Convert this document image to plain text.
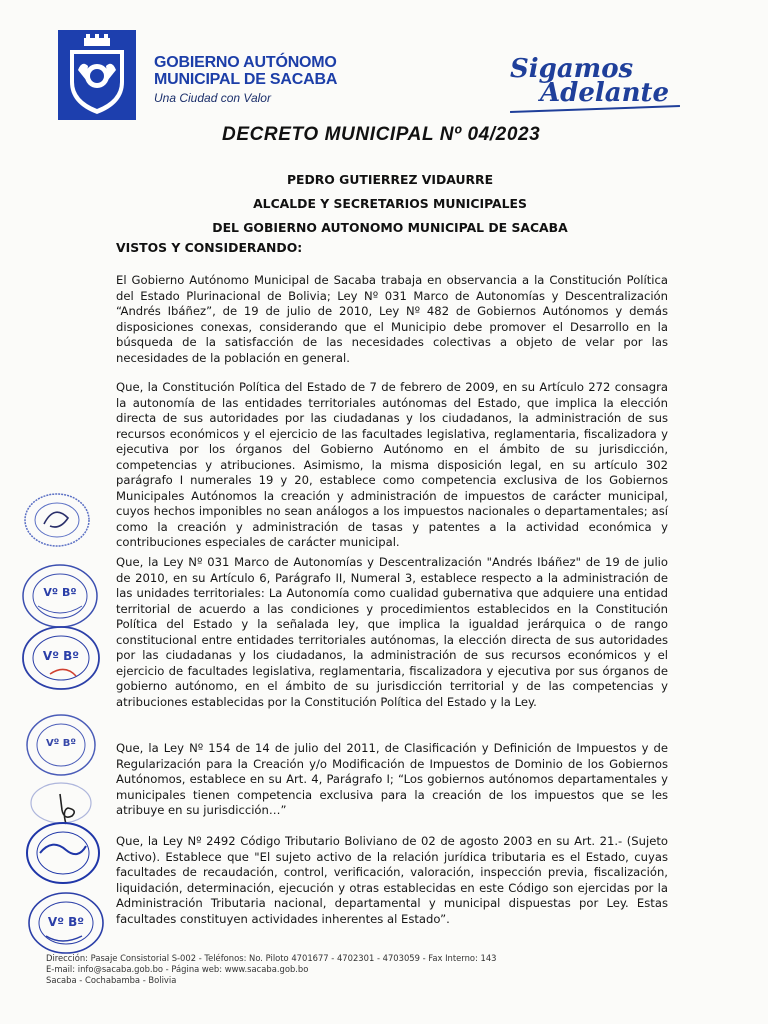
GOBIERNO AUTÓNOMO
MUNICIPAL DE SACABA
Una Ciudad con Valor
Sigamos
Adelante
DECRETO MUNICIPAL Nº 04/2023
PEDRO GUTIERREZ VIDAURRE
ALCALDE Y SECRETARIOS MUNICIPALES
DEL GOBIERNO AUTONOMO MUNICIPAL DE SACABA
VISTOS Y CONSIDERANDO:
El Gobierno Autónomo Municipal de Sacaba trabaja en observancia a la Constitución Política del Estado Plurinacional de Bolivia; Ley Nº 031 Marco de Autonomías y Descentralización “Andrés Ibáñez”, de 19 de julio de 2010, Ley Nº 482 de Gobiernos Autónomos y demás disposiciones conexas, considerando que el Municipio debe promover el Desarrollo en la búsqueda de la satisfacción de las necesidades colectivas a objeto de velar por las necesidades de la población en general.
Que, la Constitución Política del Estado de 7 de febrero de 2009, en su Artículo 272 consagra la autonomía de las entidades territoriales autónomas del Estado, que implica la elección directa de sus autoridades por las ciudadanas y los ciudadanos, la administración de sus recursos económicos y el ejercicio de las facultades legislativa, reglamentaria, fiscalizadora y ejecutiva por los órganos del Gobierno Autónomo en el ámbito de su jurisdicción, competencias y atribuciones. Asimismo, la misma disposición legal, en su artículo 302 parágrafo I numerales 19 y 20, establece como competencia exclusiva de los Gobiernos Municipales Autónomos la creación y administración de impuestos de carácter municipal, cuyos hechos imponibles no sean análogos a los impuestos nacionales o departamentales; así como la creación y administración de tasas y patentes a la actividad económica y contribuciones especiales de carácter municipal.
Que, la Ley Nº 031 Marco de Autonomías y Descentralización "Andrés Ibáñez" de 19 de julio de 2010, en su Artículo 6, Parágrafo II, Numeral 3, establece respecto a la administración de las unidades territoriales: La Autonomía como cualidad gubernativa que adquiere una entidad territorial de acuerdo a las condiciones y procedimientos establecidos en la Constitución Política del Estado y la señalada ley, que implica la igualdad jerárquica o de rango constitucional entre entidades territoriales autónomas, la elección directa de sus autoridades por las ciudadanas y los ciudadanos, la administración de sus recursos económicos y el ejercicio de facultades legislativa, reglamentaria, fiscalizadora y ejecutiva por sus órganos de gobierno autónomo, en el ámbito de su jurisdicción territorial y de las competencias y atribuciones establecidas por la Constitución Política del Estado y la Ley.
Que, la Ley Nº 154 de 14 de julio del 2011, de Clasificación y Definición de Impuestos y de Regularización para la Creación y/o Modificación de Impuestos de Dominio de los Gobiernos Autónomos, establece en su Art. 4, Parágrafo I; “Los gobiernos autónomos departamentales y municipales tienen competencia exclusiva para la creación de los impuestos que se les atribuye en su jurisdicción…”
Que, la Ley Nº 2492 Código Tributario Boliviano de 02 de agosto 2003 en su Art. 21.- (Sujeto Activo). Establece que "El sujeto activo de la relación jurídica tributaria es el Estado, cuyas facultades de recaudación, control, verificación, valoración, inspección previa, fiscalización, liquidación, determinación, ejecución y otras establecidas en este Código son ejercidas por la Administración Tributaria nacional, departamental y municipal dispuestas por Ley. Estas facultades constituyen actividades inherentes al Estado”.
Vº Bº
Vº Bº
Vº Bº
Vº Bº
Dirección: Pasaje Consistorial S-002 - Teléfonos: No. Piloto 4701677 - 4702301 - 4703059 - Fax Interno: 143
E-mail: info@sacaba.gob.bo - Página web: www.sacaba.gob.bo
Sacaba - Cochabamba - Bolivia
